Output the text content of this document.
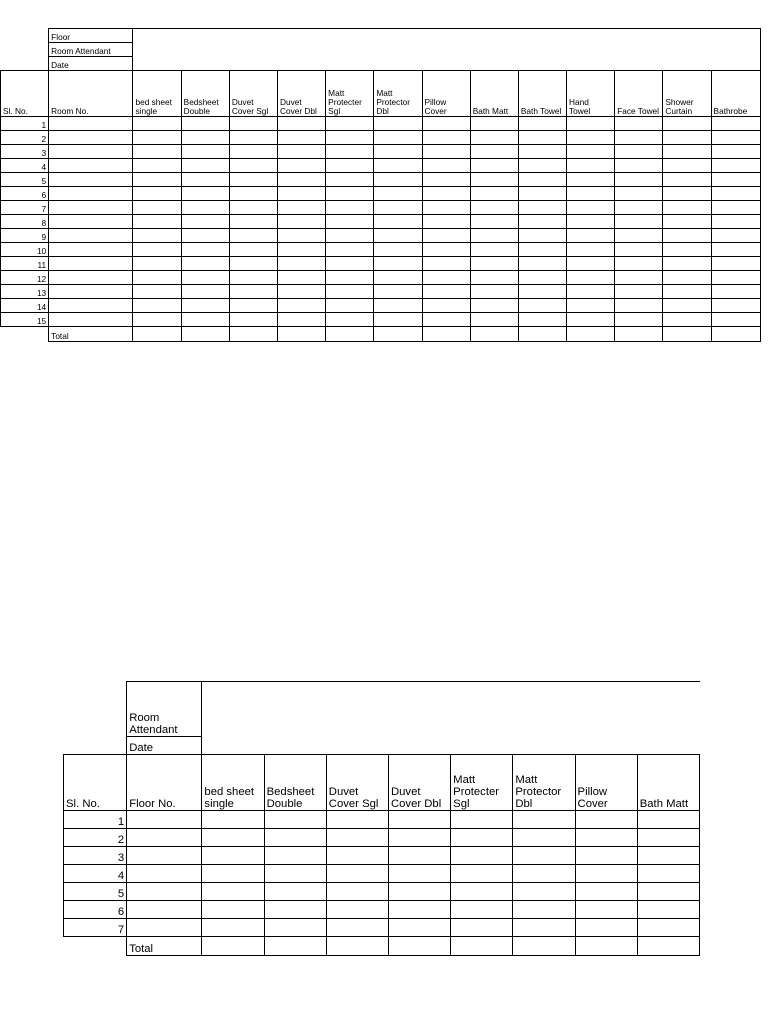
	Floor													
	Room Attendant													
	Date													
Sl. No.	Room No.	bed sheet single	Bedsheet Double	Duvet Cover Sgl	Duvet Cover Dbl	Matt Protecter Sgl	Matt Protector Dbl	Pillow Cover	Bath Matt	Bath Towel	Hand Towel	Face Towel	Shower Curtain	Bathrobe
1														
2														
3														
4														
5														
6														
7														
8														
9														
10														
11														
12														
13														
14														
15														
	Total													
	Room Attendant								
	Date								
Sl. No.	Floor No.	bed sheet single	Bedsheet Double	Duvet Cover Sgl	Duvet Cover Dbl	Matt Protecter Sgl	Matt Protector Dbl	Pillow Cover	Bath Matt
1									
2									
3									
4									
5									
6									
7									
	Total								
